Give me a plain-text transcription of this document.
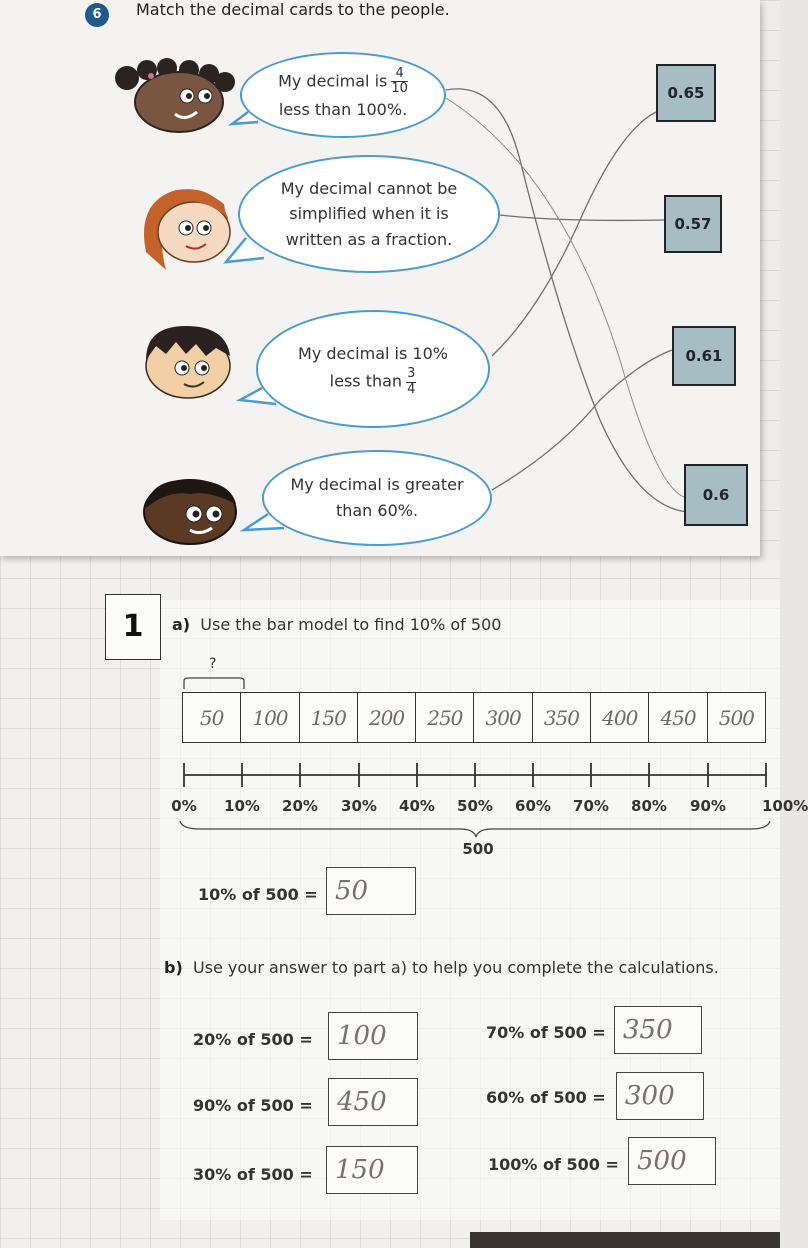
6	Match the decimal cards to the people.
My decimal is $\frac{4}{10}$
less than 100%.
My decimal cannot be
simplified when it is
written as a fraction.
My decimal is 10%
less than $\frac{3}{4}$
My decimal is greater
than 60%.
0.65
0.57
0.61
0.6
1	a) Use the bar model to find 10% of 500
?
50	100	150	200	250	300	350	400	450	500
0% 10% 20% 30% 40% 50% 60% 70% 80% 90% 100%
500
10% of 500 = 50
b) Use your answer to part a) to help you complete the calculations.
20% of 500 = 100
90% of 500 = 450
30% of 500 = 150
70% of 500 = 350
60% of 500 = 300
100% of 500 = 500
